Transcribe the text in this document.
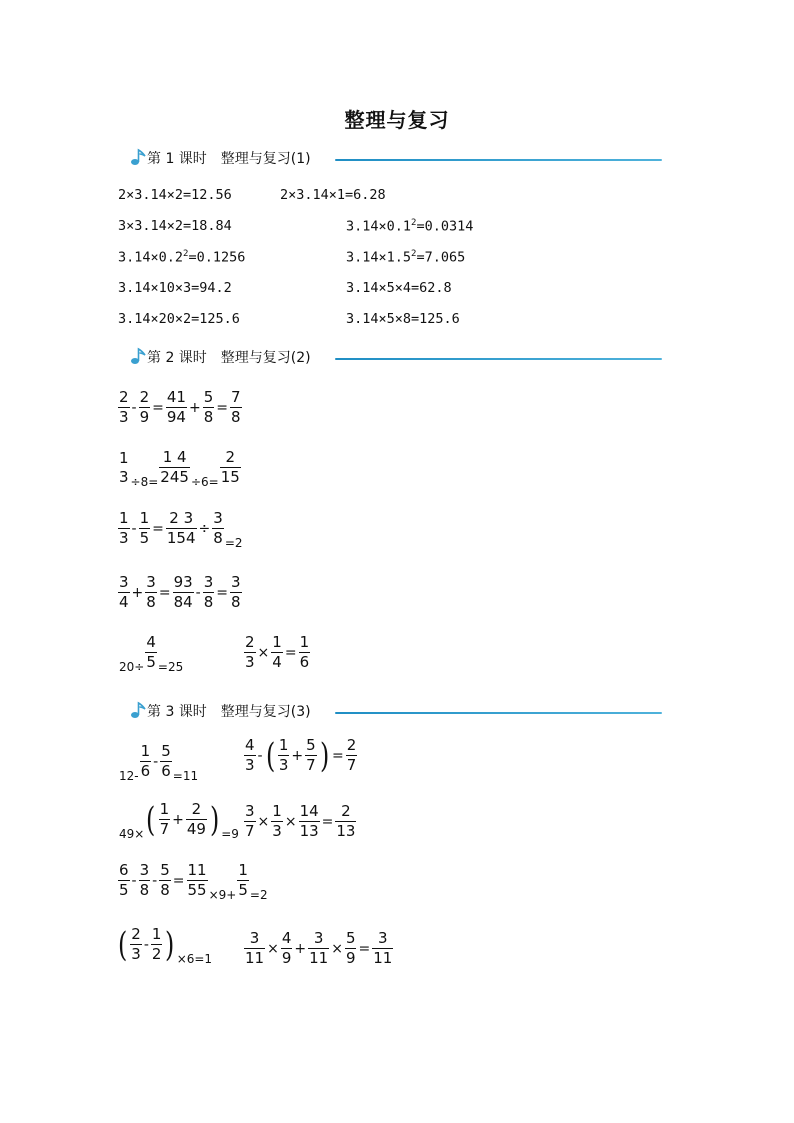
整理与复习
第 1 课时　整理与复习(1)
2×3.14×2=12.56	2×3.14×1=6.28
3×3.14×2=18.84	$3.14\times 0.1^2=0.0314$
$3.14\times 0.2^2=0.1256$	$3.14\times 1.5^2=7.065$
3.14×10×3=94.2	3.14×5×4=62.8
3.14×20×2=125.6	3.14×5×8=125.6
第 2 课时　整理与复习(2)
$\frac{2}{3} - \frac{2}{9} = \frac{41}{94} + \frac{5}{8} = \frac{7}{8}$
1
$3 \div 8= \frac{1 4}{245} \div 6= \frac{2}{15}$
$\frac{1}{3} - \frac{1}{5} = \frac{2 3}{154} \div \frac{3}{8} =2$
$\frac{3}{4} + \frac{3}{8} = \frac{93}{84} - \frac{3}{8} = \frac{3}{8}$
$20 \div \frac{4}{5} =25$	$\frac{2}{3} \times \frac{1}{4} = \frac{1}{6}$
第 3 课时　整理与复习(3)
$12 - \frac{1}{6} - \frac{5}{6} =11$
$\frac{4}{3}$ - ( $\frac{1}{3} + \frac{5}{7}$ ) = $\frac{2}{7}$
49 × ( $\frac{1}{7} + \frac{2}{49}$ ) $=9 \frac{3}{7} \times \frac{1}{3} \times \frac{14}{13} = \frac{2}{13}$
$\frac{6}{5} - \frac{3}{8} - \frac{5}{8} = \frac{11}{55} \times 9+ \frac{1}{5} =2$
( $\frac{2}{3} - \frac{1}{2}$ ) $\times 6=1 \frac{3}{11} \times \frac{4}{9} + \frac{3}{11} \times \frac{5}{9} = \frac{3}{11}$
